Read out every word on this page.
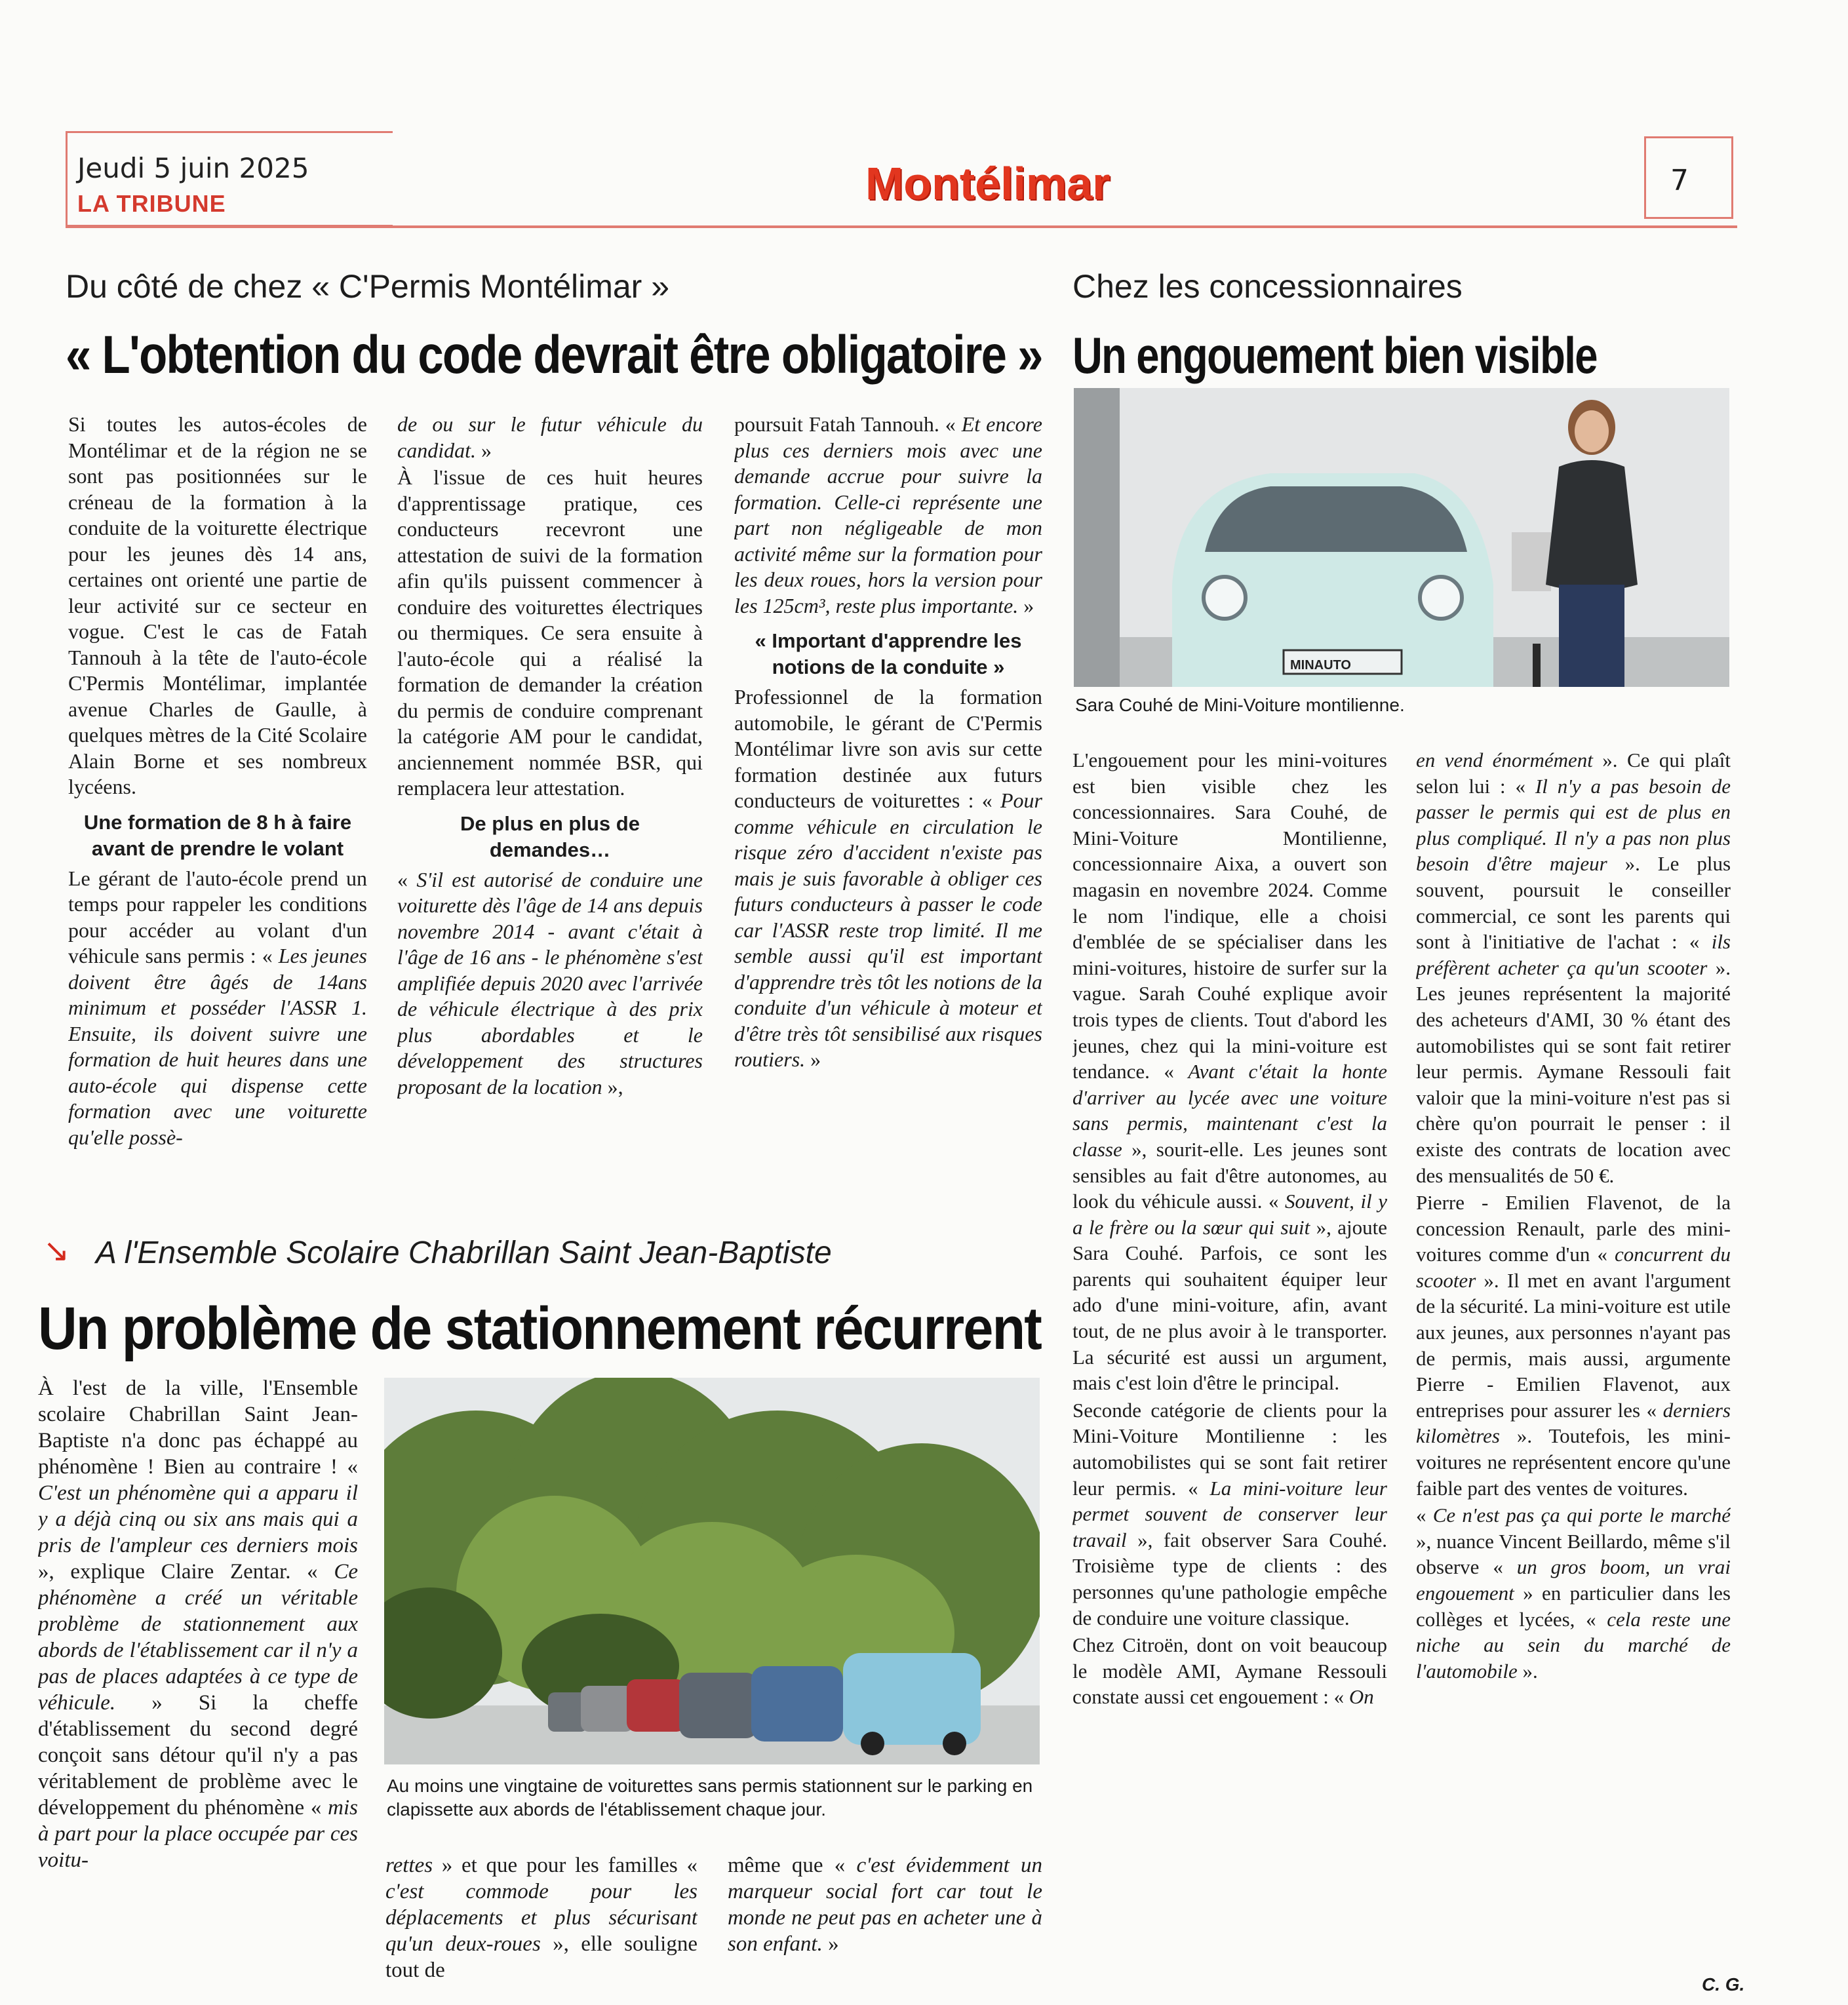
Jeudi 5 juin 2025
LA TRIBUNE	Montélimar	7
Du côté de chez « C'Permis Montélimar »
« L'obtention du code devrait être obligatoire »

Si toutes les autos-écoles de Montélimar et de la région ne se sont pas positionnées sur le créneau de la formation à la conduite de la voiturette électrique pour les jeunes dès 14 ans, certaines ont orienté une partie de leur activité sur ce secteur en vogue. C'est le cas de Fatah Tannouh à la tête de l'auto-école C'Permis Montélimar, implantée avenue Charles de Gaulle, à quelques mètres de la Cité Scolaire Alain Borne et ses nombreux lycéens.

Une formation de 8 h à faire avant de prendre le volant

Le gérant de l'auto-école prend un temps pour rappeler les conditions pour accéder au volant d'un véhicule sans permis : « Les jeunes doivent être âgés de 14ans minimum et posséder l'ASSR 1. Ensuite, ils doivent suivre une formation de huit heures dans une auto-école qui dispense cette formation avec une voiturette qu'elle possè-

de ou sur le futur véhicule du candidat. »

À l'issue de ces huit heures d'apprentissage pratique, ces conducteurs recevront une attestation de suivi de la formation afin qu'ils puissent commencer à conduire des voiturettes électriques ou thermiques. Ce sera ensuite à l'auto-école qui a réalisé la formation de demander la création du permis de conduire comprenant la catégorie AM pour le candidat, anciennement nommée BSR, qui remplacera leur attestation.

De plus en plus de demandes…

« S'il est autorisé de conduire une voiturette dès l'âge de 14 ans depuis novembre 2014 - avant c'était à l'âge de 16 ans - le phénomène s'est amplifiée depuis 2020 avec l'arrivée de véhicule électrique à des prix plus abordables et le développement des structures proposant de la location »,

poursuit Fatah Tannouh. « Et encore plus ces derniers mois avec une demande accrue pour suivre la formation. Celle-ci représente une part non négligeable de mon activité même sur la formation pour les deux roues, hors la version pour les 125cm³, reste plus importante. »

« Important d'apprendre les notions de la conduite »

Professionnel de la formation automobile, le gérant de C'Permis Montélimar livre son avis sur cette formation destinée aux futurs conducteurs de voiturettes : « Pour comme véhicule en circulation le risque zéro d'accident n'existe pas mais je suis favorable à obliger ces futurs conducteurs à passer le code car l'ASSR reste trop limité. Il me semble aussi qu'il est important d'apprendre très tôt les notions de la conduite d'un véhicule à moteur et d'être très tôt sensibilisé aux risques routiers. »

↘ A l'Ensemble Scolaire Chabrillan Saint Jean-Baptiste
Un problème de stationnement récurrent

À l'est de la ville, l'Ensemble scolaire Chabrillan Saint Jean-Baptiste n'a donc pas échappé au phénomène ! Bien au contraire ! « C'est un phénomène qui a apparu il y a déjà cinq ou six ans mais qui a pris de l'ampleur ces derniers mois », explique Claire Zentar. « Ce phénomène a créé un véritable problème de stationnement aux abords de l'établissement car il n'y a pas de places adaptées à ce type de véhicule. » Si la cheffe d'établissement du second degré conçoit sans détour qu'il n'y a pas véritablement de problème avec le développement du phénomène « mis à part pour la place occupée par ces voitu-

Au moins une vingtaine de voiturettes sans permis stationnent sur le parking en clapissette aux abords de l'établissement chaque jour.

rettes » et que pour les familles « c'est commode pour les déplacements et plus sécurisant qu'un deux-roues », elle souligne tout de

même que « c'est évidemment un marqueur social fort car tout le monde ne peut pas en acheter une à son enfant. »

Chez les concessionnaires
Un engouement bien visible
MINAUTO
Sara Couhé de Mini-Voiture montilienne.

L'engouement pour les mini-voitures est bien visible chez les concessionnaires. Sara Couhé, de Mini-Voiture Montilienne, concessionnaire Aixa, a ouvert son magasin en novembre 2024. Comme le nom l'indique, elle a choisi d'emblée de se spécialiser dans les mini-voitures, histoire de surfer sur la vague. Sarah Couhé explique avoir trois types de clients. Tout d'abord les jeunes, chez qui la mini-voiture est tendance. « Avant c'était la honte d'arriver au lycée avec une voiture sans permis, maintenant c'est la classe », sourit-elle. Les jeunes sont sensibles au fait d'être autonomes, au look du véhicule aussi. « Souvent, il y a le frère ou la sœur qui suit », ajoute Sara Couhé. Parfois, ce sont les parents qui souhaitent équiper leur ado d'une mini-voiture, afin, avant tout, de ne plus avoir à le transporter. La sécurité est aussi un argument, mais c'est loin d'être le principal.

Seconde catégorie de clients pour la Mini-Voiture Montilienne : les automobilistes qui se sont fait retirer leur permis. « La mini-voiture leur permet souvent de conserver leur travail », fait observer Sara Couhé. Troisième type de clients : des personnes qu'une pathologie empêche de conduire une voiture classique.

Chez Citroën, dont on voit beaucoup le modèle AMI, Aymane Ressouli constate aussi cet engouement : « On

en vend énormément ». Ce qui plaît selon lui : « Il n'y a pas besoin de passer le permis qui est de plus en plus compliqué. Il n'y a pas non plus besoin d'être majeur ». Le plus souvent, poursuit le conseiller commercial, ce sont les parents qui sont à l'initiative de l'achat : « ils préfèrent acheter ça qu'un scooter ». Les jeunes représentent la majorité des acheteurs d'AMI, 30 % étant des automobilistes qui se sont fait retirer leur permis. Aymane Ressouli fait valoir que la mini-voiture n'est pas si chère qu'on pourrait le penser : il existe des contrats de location avec des mensualités de 50 €.

Pierre - Emilien Flavenot, de la concession Renault, parle des mini-voitures comme d'un « concurrent du scooter ». Il met en avant l'argument de la sécurité. La mini-voiture est utile aux jeunes, aux personnes n'ayant pas de permis, mais aussi, argumente Pierre - Emilien Flavenot, aux entreprises pour assurer les « derniers kilomètres ». Toutefois, les mini-voitures ne représentent encore qu'une faible part des ventes de voitures.

« Ce n'est pas ça qui porte le marché », nuance Vincent Beillardo, même s'il observe « un gros boom, un vrai engouement » en particulier dans les collèges et lycées, « cela reste une niche au sein du marché de l'automobile ».

C. G.
